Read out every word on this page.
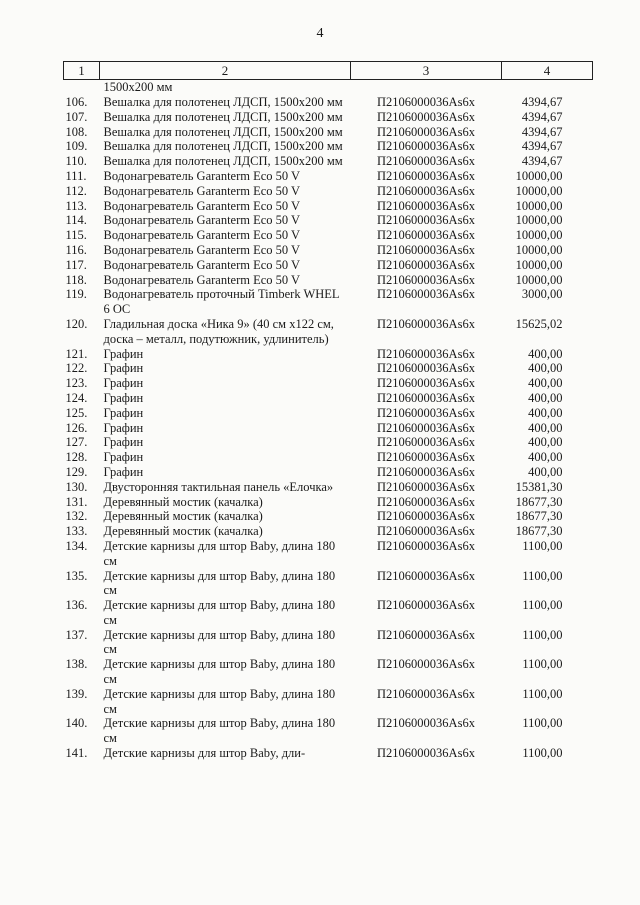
4
1	2	3	4
	1500x200 мм		
106.	Вешалка для полотенец ЛДСП, 1500x200 мм	П2106000036Аs6x	4394,67
107.	Вешалка для полотенец ЛДСП, 1500x200 мм	П2106000036Аs6x	4394,67
108.	Вешалка для полотенец ЛДСП, 1500x200 мм	П2106000036Аs6x	4394,67
109.	Вешалка для полотенец ЛДСП, 1500x200 мм	П2106000036Аs6x	4394,67
110.	Вешалка для полотенец ЛДСП, 1500x200 мм	П2106000036Аs6x	4394,67
111.	Водонагреватель Garanterm Eco 50 V	П2106000036Аs6x	10000,00
112.	Водонагреватель Garanterm Eco 50 V	П2106000036Аs6x	10000,00
113.	Водонагреватель Garanterm Eco 50 V	П2106000036Аs6x	10000,00
114.	Водонагреватель Garanterm Eco 50 V	П2106000036Аs6x	10000,00
115.	Водонагреватель Garanterm Eco 50 V	П2106000036Аs6x	10000,00
116.	Водонагреватель Garanterm Eco 50 V	П2106000036Аs6x	10000,00
117.	Водонагреватель Garanterm Eco 50 V	П2106000036Аs6x	10000,00
118.	Водонагреватель Garanterm Eco 50 V	П2106000036Аs6x	10000,00
119.	Водонагреватель проточный Timberk WHEL 6 OC	П2106000036Аs6x	3000,00
120.	Гладильная доска «Ника 9» (40 см x122 см, доска – металл, подутюжник, удлинитель)	П2106000036Аs6x	15625,02
121.	Графин	П2106000036Аs6x	400,00
122.	Графин	П2106000036Аs6x	400,00
123.	Графин	П2106000036Аs6x	400,00
124.	Графин	П2106000036Аs6x	400,00
125.	Графин	П2106000036Аs6x	400,00
126.	Графин	П2106000036Аs6x	400,00
127.	Графин	П2106000036Аs6x	400,00
128.	Графин	П2106000036Аs6x	400,00
129.	Графин	П2106000036Аs6x	400,00
130.	Двусторонняя тактильная панель «Елочка»	П2106000036Аs6x	15381,30
131.	Деревянный мостик (качалка)	П2106000036Аs6x	18677,30
132.	Деревянный мостик (качалка)	П2106000036Аs6x	18677,30
133.	Деревянный мостик (качалка)	П2106000036Аs6x	18677,30
134.	Детские карнизы для штор Baby, длина 180 см	П2106000036Аs6x	1100,00
135.	Детские карнизы для штор Baby, длина 180 см	П2106000036Аs6x	1100,00
136.	Детские карнизы для штор Baby, длина 180 см	П2106000036Аs6x	1100,00
137.	Детские карнизы для штор Baby, длина 180 см	П2106000036Аs6x	1100,00
138.	Детские карнизы для штор Baby, длина 180 см	П2106000036Аs6x	1100,00
139.	Детские карнизы для штор Baby, длина 180 см	П2106000036Аs6x	1100,00
140.	Детские карнизы для штор Baby, длина 180 см	П2106000036Аs6x	1100,00
141.	Детские карнизы для штор Baby, дли-	П2106000036Аs6x	1100,00
